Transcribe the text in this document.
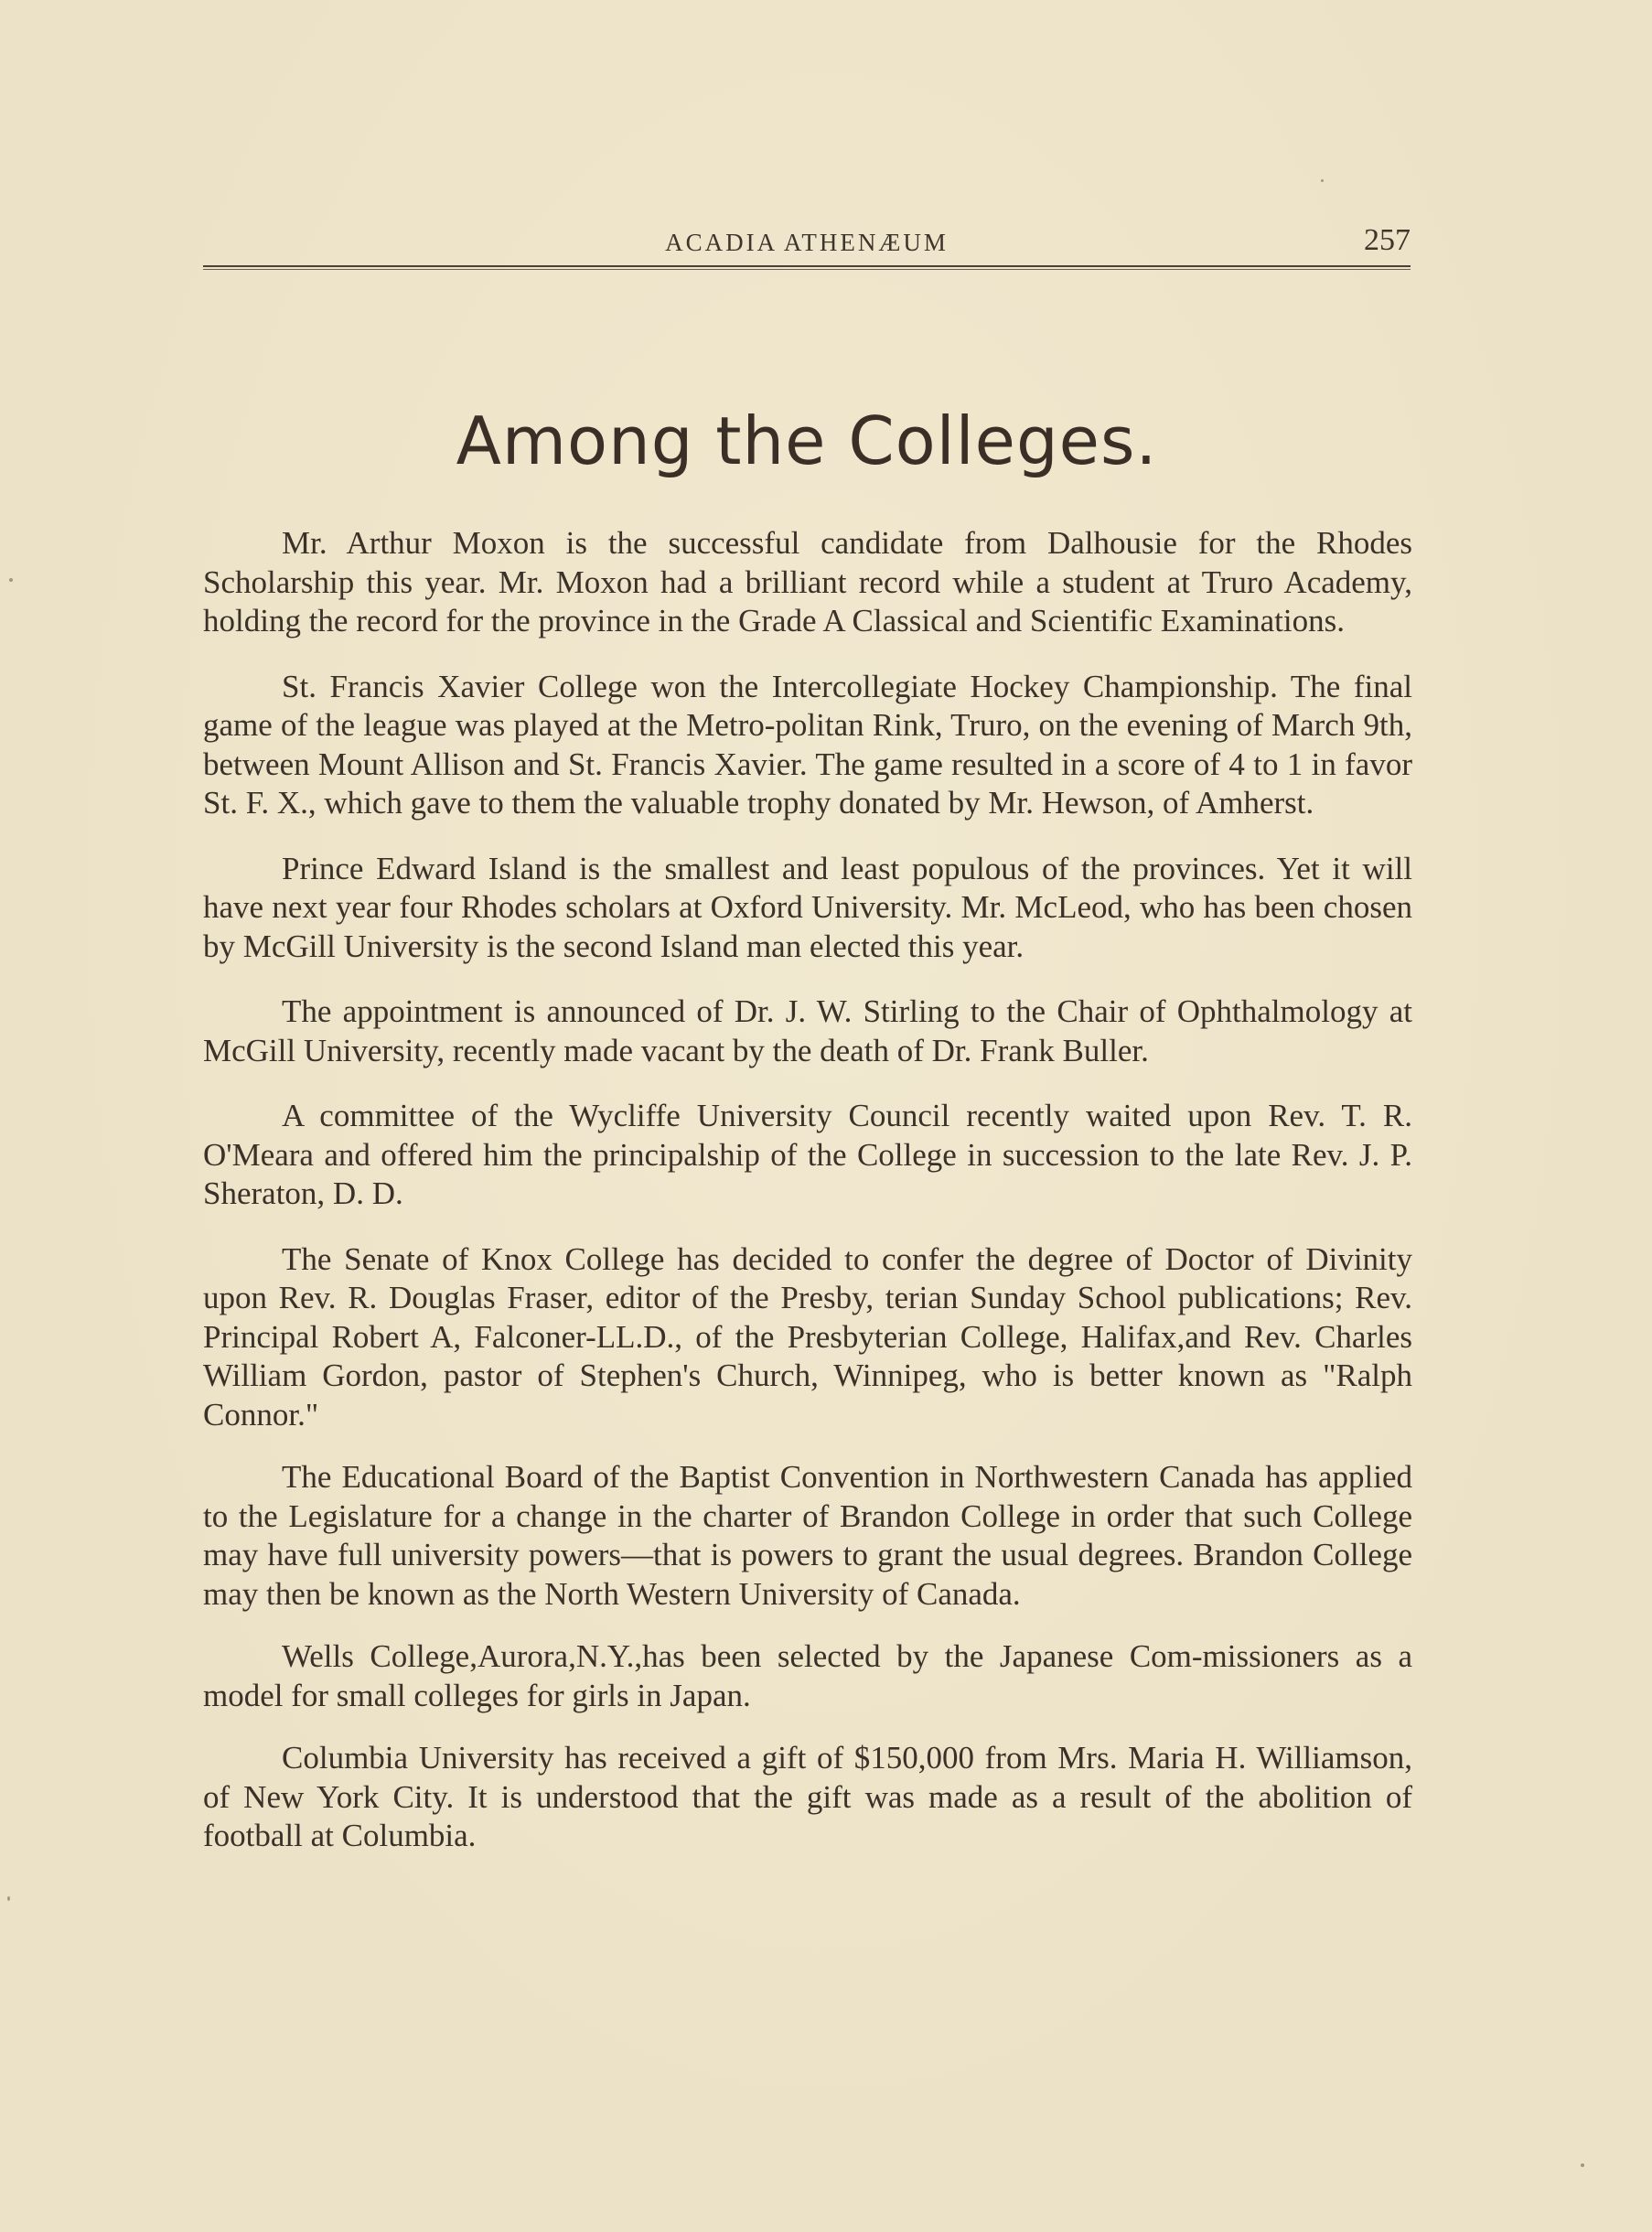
ACADIA ATHENÆUM	257
Among the Colleges.

Mr. Arthur Moxon is the successful candidate from Dalhousie for the Rhodes Scholarship this year. Mr. Moxon had a brilliant record while a student at Truro Academy, holding the record for the province in the Grade A Classical and Scientific Examinations.

St. Francis Xavier College won the Intercollegiate Hockey Championship. The final game of the league was played at the Metro-politan Rink, Truro, on the evening of March 9th, between Mount Allison and St. Francis Xavier. The game resulted in a score of 4 to 1 in favor St. F. X., which gave to them the valuable trophy donated by Mr. Hewson, of Amherst.

Prince Edward Island is the smallest and least populous of the provinces. Yet it will have next year four Rhodes scholars at Oxford University. Mr. McLeod, who has been chosen by McGill University is the second Island man elected this year.

The appointment is announced of Dr. J. W. Stirling to the Chair of Ophthalmology at McGill University, recently made vacant by the death of Dr. Frank Buller.

A committee of the Wycliffe University Council recently waited upon Rev. T. R. O'Meara and offered him the principalship of the College in succession to the late Rev. J. P. Sheraton, D. D.

The Senate of Knox College has decided to confer the degree of Doctor of Divinity upon Rev. R. Douglas Fraser, editor of the Presby, terian Sunday School publications; Rev. Principal Robert A, Falconer-LL.D., of the Presbyterian College, Halifax,and Rev. Charles William Gordon, pastor of Stephen's Church, Winnipeg, who is better known as "Ralph Connor."

The Educational Board of the Baptist Convention in Northwestern Canada has applied to the Legislature for a change in the charter of Brandon College in order that such College may have full university powers—that is powers to grant the usual degrees. Brandon College may then be known as the North Western University of Canada.

Wells College,Aurora,N.Y.,has been selected by the Japanese Com-missioners as a model for small colleges for girls in Japan.

Columbia University has received a gift of $150,000 from Mrs. Maria H. Williamson, of New York City. It is understood that the gift was made as a result of the abolition of football at Columbia.
